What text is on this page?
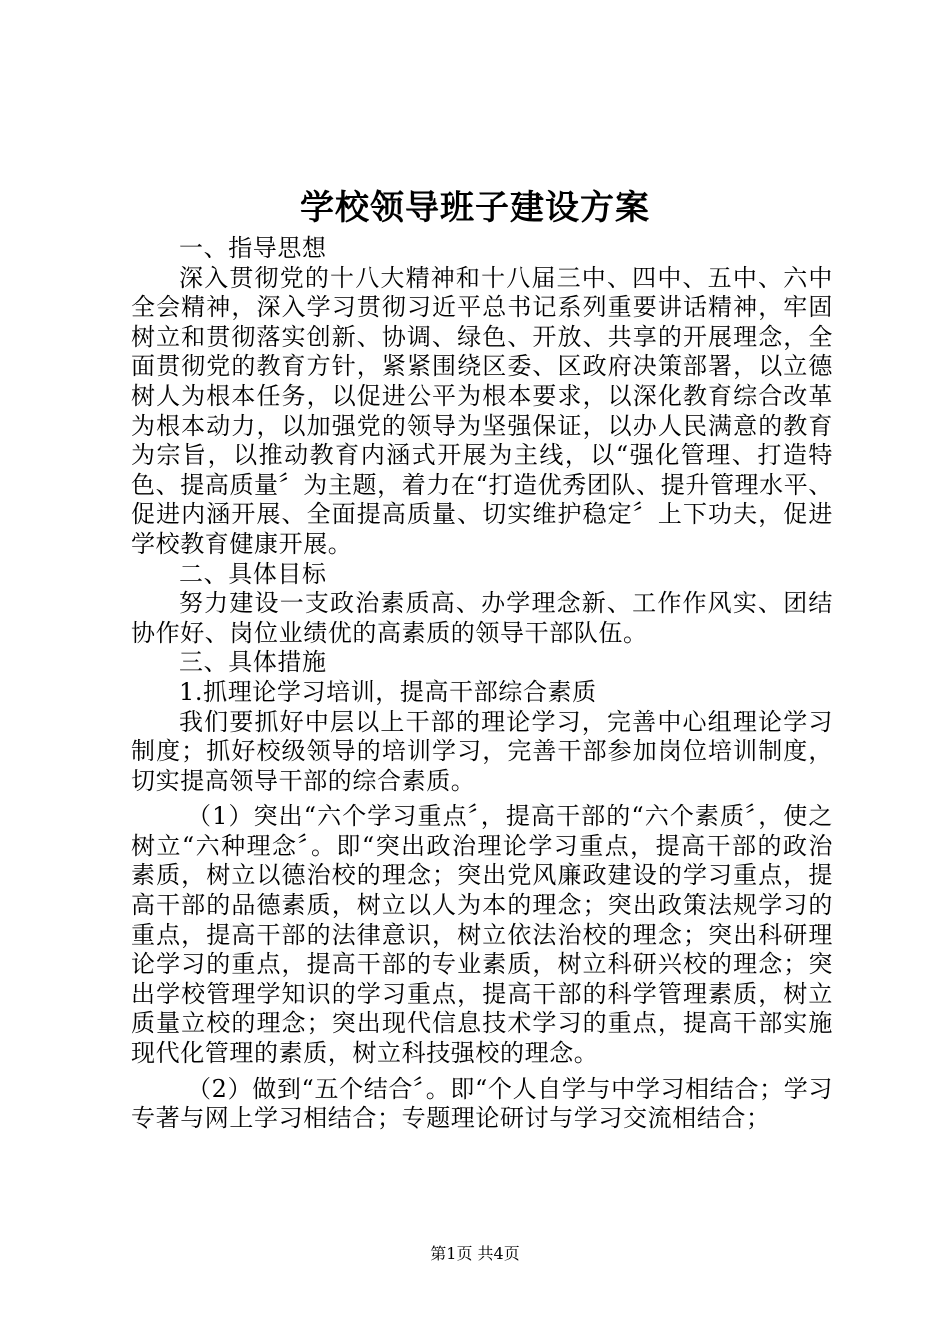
学校领导班子建设方案

一、指导思想

深入贯彻党的十八大精神和十八届三中、四中、五中、六中全会精神，深入学习贯彻习近平总书记系列重要讲话精神，牢固树立和贯彻落实创新、协调、绿色、开放、共享的开展理念，全面贯彻党的教育方针，紧紧围绕区委、区政府决策部署，以立德树人为根本任务，以促进公平为根本要求，以深化教育综合改革为根本动力，以加强党的领导为坚强保证，以办人民满意的教育为宗旨，以推动教育内涵式开展为主线，以“强化管理、打造特色、提高质量〞为主题，着力在“打造优秀团队、提升管理水平、促进内涵开展、全面提高质量、切实维护稳定〞上下功夫，促进学校教育健康开展。

二、具体目标

努力建设一支政治素质高、办学理念新、工作作风实、团结协作好、岗位业绩优的高素质的领导干部队伍。

三、具体措施

1.抓理论学习培训，提高干部综合素质

我们要抓好中层以上干部的理论学习，完善中心组理论学习制度；抓好校级领导的培训学习，完善干部参加岗位培训制度，切实提高领导干部的综合素质。

（1）突出“六个学习重点〞，提高干部的“六个素质〞，使之树立“六种理念〞。即“突出政治理论学习重点，提高干部的政治素质，树立以德治校的理念；突出党风廉政建设的学习重点，提高干部的品德素质，树立以人为本的理念；突出政策法规学习的重点，提高干部的法律意识，树立依法治校的理念；突出科研理论学习的重点，提高干部的专业素质，树立科研兴校的理念；突出学校管理学知识的学习重点，提高干部的科学管理素质，树立质量立校的理念；突出现代信息技术学习的重点，提高干部实施现代化管理的素质，树立科技强校的理念。

（2）做到“五个结合〞。即“个人自学与中学习相结合；学习专著与网上学习相结合；专题理论研讨与学习交流相结合；

第1页 共4页
